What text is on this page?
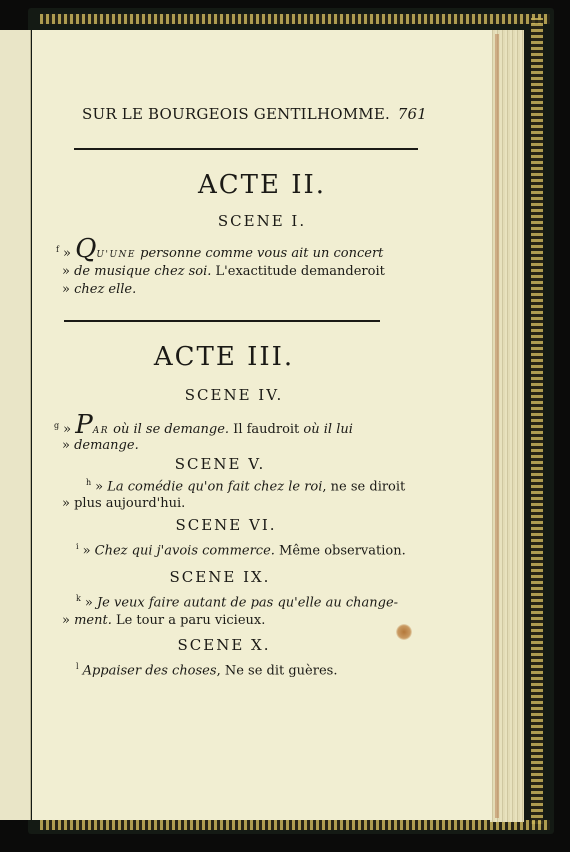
SUR LE BOURGEOIS GENTILHOMME. 761
ACTE II.
SCENE I.
$^f$ » QU'UNE personne comme vous ait un concert
» de musique chez soi. L'exactitude demanderoit
» chez elle.
ACTE III.
SCENE IV.
$^g$ » PAR où il se demange. Il faudroit où il lui
» demange.
SCENE V.
$^h$ » La comédie qu'on fait chez le roi, ne se diroit
» plus aujourd'hui.
SCENE VI.
$^i$ » Chez qui j'avois commerce. Même observation.
SCENE IX.
$^k$ » Je veux faire autant de pas qu'elle au change-
» ment. Le tour a paru vicieux.
SCENE X.
$^l$ Appaiser des choses, Ne se dit guères.
